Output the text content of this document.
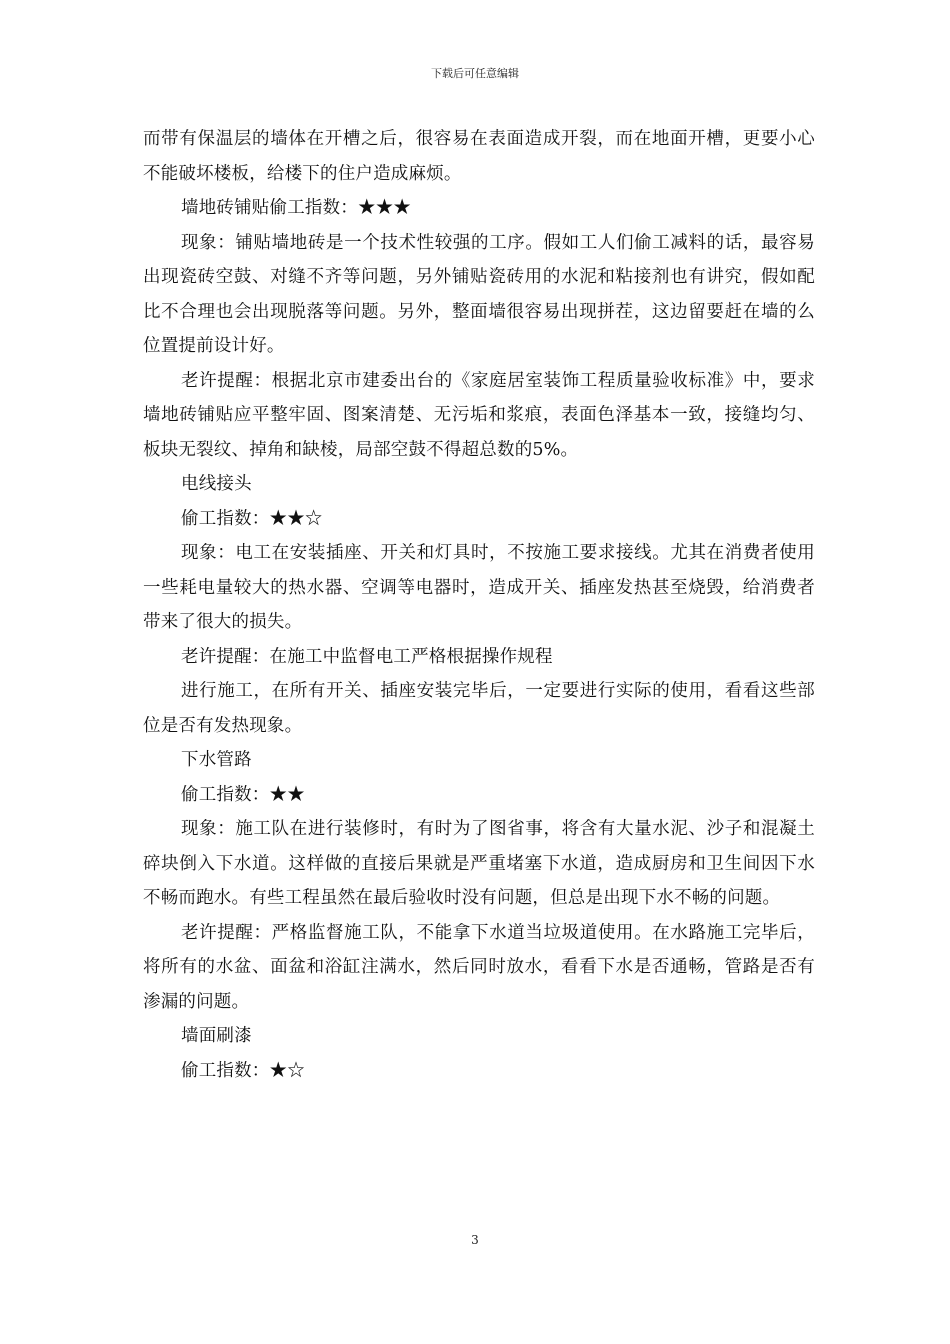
下载后可任意编辑

而带有保温层的墙体在开槽之后，很容易在表面造成开裂，而在地面开槽，更要小心不能破坏楼板，给楼下的住户造成麻烦。

墙地砖铺贴偷工指数：★★★

现象：铺贴墙地砖是一个技术性较强的工序。假如工人们偷工减料的话，最容易出现瓷砖空鼓、对缝不齐等问题，另外铺贴瓷砖用的水泥和粘接剂也有讲究，假如配比不合理也会出现脱落等问题。另外，整面墙很容易出现拼茬，这边留要赶在墙的么位置提前设计好。

老许提醒：根据北京市建委出台的《家庭居室装饰工程质量验收标准》中，要求墙地砖铺贴应平整牢固、图案清楚、无污垢和浆痕，表面色泽基本一致，接缝均匀、板块无裂纹、掉角和缺棱，局部空鼓不得超总数的5%。

电线接头

偷工指数：★★☆

现象：电工在安装插座、开关和灯具时，不按施工要求接线。尤其在消费者使用一些耗电量较大的热水器、空调等电器时，造成开关、插座发热甚至烧毁，给消费者带来了很大的损失。

老许提醒：在施工中监督电工严格根据操作规程

进行施工，在所有开关、插座安装完毕后，一定要进行实际的使用，看看这些部位是否有发热现象。

下水管路

偷工指数：★★

现象：施工队在进行装修时，有时为了图省事，将含有大量水泥、沙子和混凝土碎块倒入下水道。这样做的直接后果就是严重堵塞下水道，造成厨房和卫生间因下水不畅而跑水。有些工程虽然在最后验收时没有问题，但总是出现下水不畅的问题。

老许提醒：严格监督施工队，不能拿下水道当垃圾道使用。在水路施工完毕后，将所有的水盆、面盆和浴缸注满水，然后同时放水，看看下水是否通畅，管路是否有渗漏的问题。

墙面刷漆

偷工指数：★☆

3
